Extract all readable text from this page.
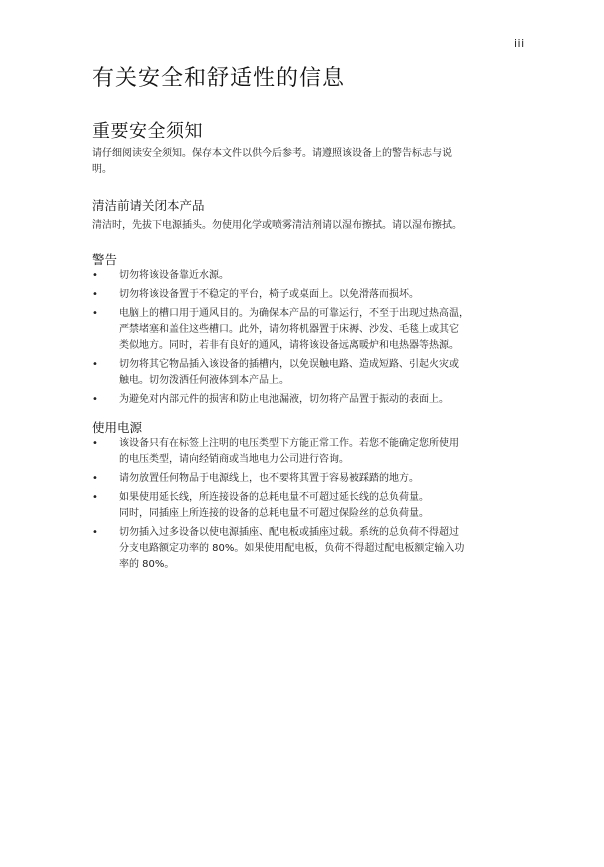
iii
有关安全和舒适性的信息
重要安全须知

请仔细阅读安全须知。保存本文件以供今后参考。请遵照该设备上的警告标志与说
明。

清洁前请关闭本产品

清洁时，先拔下电源插头。勿使用化学或喷雾清洁剂请以湿布擦拭。请以湿布擦拭。

警告
• 切勿将该设备靠近水源。
• 切勿将该设备置于不稳定的平台，椅子或桌面上。以免滑落而损坏。
• 电脑上的槽口用于通风目的。为确保本产品的可靠运行，不至于出现过热高温，
严禁堵塞和盖住这些槽口。此外，请勿将机器置于床褥、沙发、毛毯上或其它
类似地方。同时，若非有良好的通风，请将该设备远离暖炉和电热器等热源。
• 切勿将其它物品插入该设备的插槽内，以免误触电路、造成短路、引起火灾或
触电。切勿泼洒任何液体到本产品上。
• 为避免对内部元件的损害和防止电池漏液，切勿将产品置于振动的表面上。
使用电源
• 该设备只有在标签上注明的电压类型下方能正常工作。若您不能确定您所使用
的电压类型，请向经销商或当地电力公司进行咨询。
• 请勿放置任何物品于电源线上，也不要将其置于容易被踩踏的地方。
• 如果使用延长线，所连接设备的总耗电量不可超过延长线的总负荷量。
同时，同插座上所连接的设备的总耗电量不可超过保险丝的总负荷量。
• 切勿插入过多设备以使电源插座、配电板或插座过载。系统的总负荷不得超过
分支电路额定功率的 80%。如果使用配电板，负荷不得超过配电板额定输入功
率的 80%。
